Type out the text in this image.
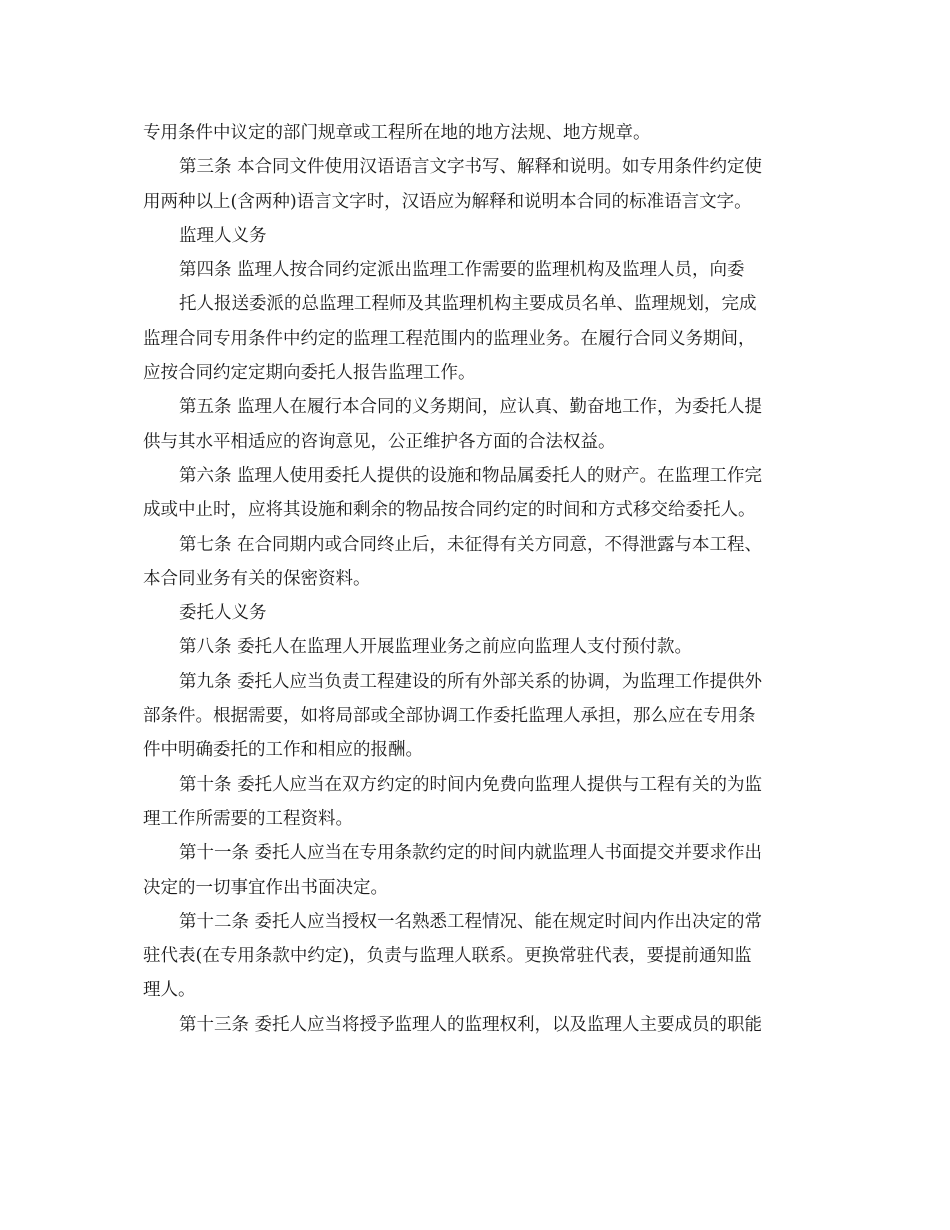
专用条件中议定的部门规章或工程所在地的地方法规、地方规章。
第三条 本合同文件使用汉语语言文字书写、解释和说明。如专用条件约定使
用两种以上(含两种)语言文字时，汉语应为解释和说明本合同的标准语言文字。
监理人义务
第四条 监理人按合同约定派出监理工作需要的监理机构及监理人员，向委
托人报送委派的总监理工程师及其监理机构主要成员名单、监理规划，完成
监理合同专用条件中约定的监理工程范围内的监理业务。在履行合同义务期间，
应按合同约定定期向委托人报告监理工作。
第五条 监理人在履行本合同的义务期间，应认真、勤奋地工作，为委托人提
供与其水平相适应的咨询意见，公正维护各方面的合法权益。
第六条 监理人使用委托人提供的设施和物品属委托人的财产。在监理工作完
成或中止时，应将其设施和剩余的物品按合同约定的时间和方式移交给委托人。
第七条 在合同期内或合同终止后，未征得有关方同意，不得泄露与本工程、
本合同业务有关的保密资料。
委托人义务
第八条 委托人在监理人开展监理业务之前应向监理人支付预付款。
第九条 委托人应当负责工程建设的所有外部关系的协调，为监理工作提供外
部条件。根据需要，如将局部或全部协调工作委托监理人承担，那么应在专用条
件中明确委托的工作和相应的报酬。
第十条 委托人应当在双方约定的时间内免费向监理人提供与工程有关的为监
理工作所需要的工程资料。
第十一条 委托人应当在专用条款约定的时间内就监理人书面提交并要求作出
决定的一切事宜作出书面决定。
第十二条 委托人应当授权一名熟悉工程情况、能在规定时间内作出决定的常
驻代表(在专用条款中约定)，负责与监理人联系。更换常驻代表，要提前通知监
理人。
第十三条 委托人应当将授予监理人的监理权利，以及监理人主要成员的职能
